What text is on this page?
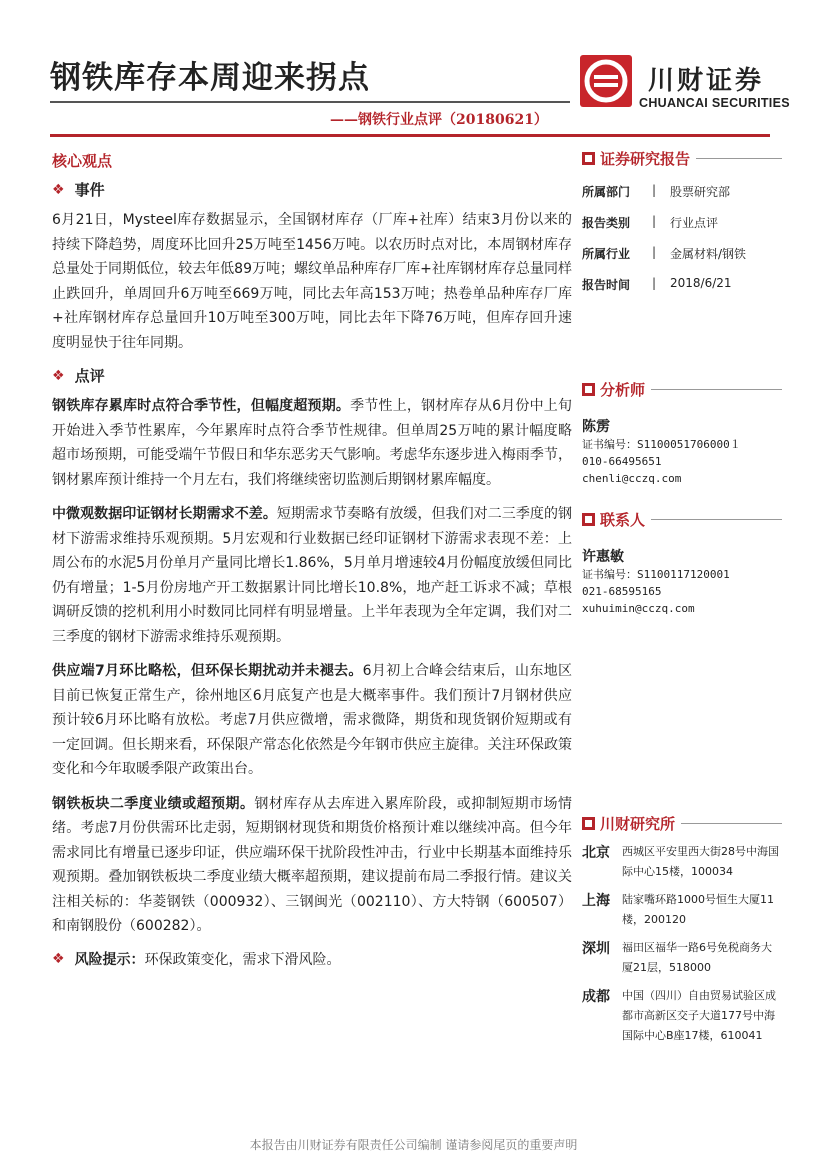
钢铁库存本周迎来拐点
——钢铁行业点评（20180621）
川财证券
CHUANCAI SECURITIES
核心观点
❖ 事件

6月21日，Mysteel库存数据显示，全国钢材库存（厂库+社库）结束3月份以来的持续下降趋势，周度环比回升25万吨至1456万吨。以农历时点对比，本周钢材库存总量处于同期低位，较去年低89万吨；螺纹单品种库存厂库+社库钢材库存总量同样止跌回升，单周回升6万吨至669万吨，同比去年高153万吨；热卷单品种库存厂库+社库钢材库存总量回升10万吨至300万吨，同比去年下降76万吨，但库存回升速度明显快于往年同期。

❖ 点评

钢铁库存累库时点符合季节性，但幅度超预期。季节性上，钢材库存从6月份中上旬开始进入季节性累库，今年累库时点符合季节性规律。但单周25万吨的累计幅度略超市场预期，可能受端午节假日和华东恶劣天气影响。考虑华东逐步进入梅雨季节，钢材累库预计维持一个月左右，我们将继续密切监测后期钢材累库幅度。

中微观数据印证钢材长期需求不差。短期需求节奏略有放缓，但我们对二三季度的钢材下游需求维持乐观预期。5月宏观和行业数据已经印证钢材下游需求表现不差：上周公布的水泥5月份单月产量同比增长1.86%，5月单月增速较4月份幅度放缓但同比仍有增量；1-5月份房地产开工数据累计同比增长10.8%，地产赶工诉求不减；草根调研反馈的挖机利用小时数同比同样有明显增量。上半年表现为全年定调，我们对二三季度的钢材下游需求维持乐观预期。

供应端7月环比略松，但环保长期扰动并未褪去。6月初上合峰会结束后，山东地区目前已恢复正常生产，徐州地区6月底复产也是大概率事件。我们预计7月钢材供应预计较6月环比略有放松。考虑7月供应微增，需求微降，期货和现货钢价短期或有一定回调。但长期来看，环保限产常态化依然是今年钢市供应主旋律。关注环保政策变化和今年取暖季限产政策出台。

钢铁板块二季度业绩或超预期。钢材库存从去库进入累库阶段，或抑制短期市场情绪。考虑7月份供需环比走弱，短期钢材现货和期货价格预计难以继续冲高。但今年需求同比有增量已逐步印证，供应端环保干扰阶段性冲击，行业中长期基本面维持乐观预期。叠加钢铁板块二季度业绩大概率超预期，建议提前布局二季报行情。建议关注相关标的：华菱钢铁（000932）、三钢闽光（002110）、方大特钢（600507）和南钢股份（600282）。

❖ 风险提示： 环保政策变化，需求下滑风险。
证券研究报告
所属部门	|	股票研究部
报告类别	|	行业点评
所属行业	|	金属材料/钢铁
报告时间	|	2018/6/21
分析师
陈雳
证书编号：S1100051706000１
010-66495651
chenli@cczq.com
联系人
许惠敏
证书编号：S1100117120001
021-68595165
xuhuimin@cczq.com
川财研究所
北京	西城区平安里西大街28号中海国际中心15楼，100034
上海	陆家嘴环路1000号恒生大厦11楼，200120
深圳	福田区福华一路6号免税商务大厦21层，518000
成都	中国（四川）自由贸易试验区成都市高新区交子大道177号中海国际中心B座17楼，610041
本报告由川财证券有限责任公司编制 谨请参阅尾页的重要声明
